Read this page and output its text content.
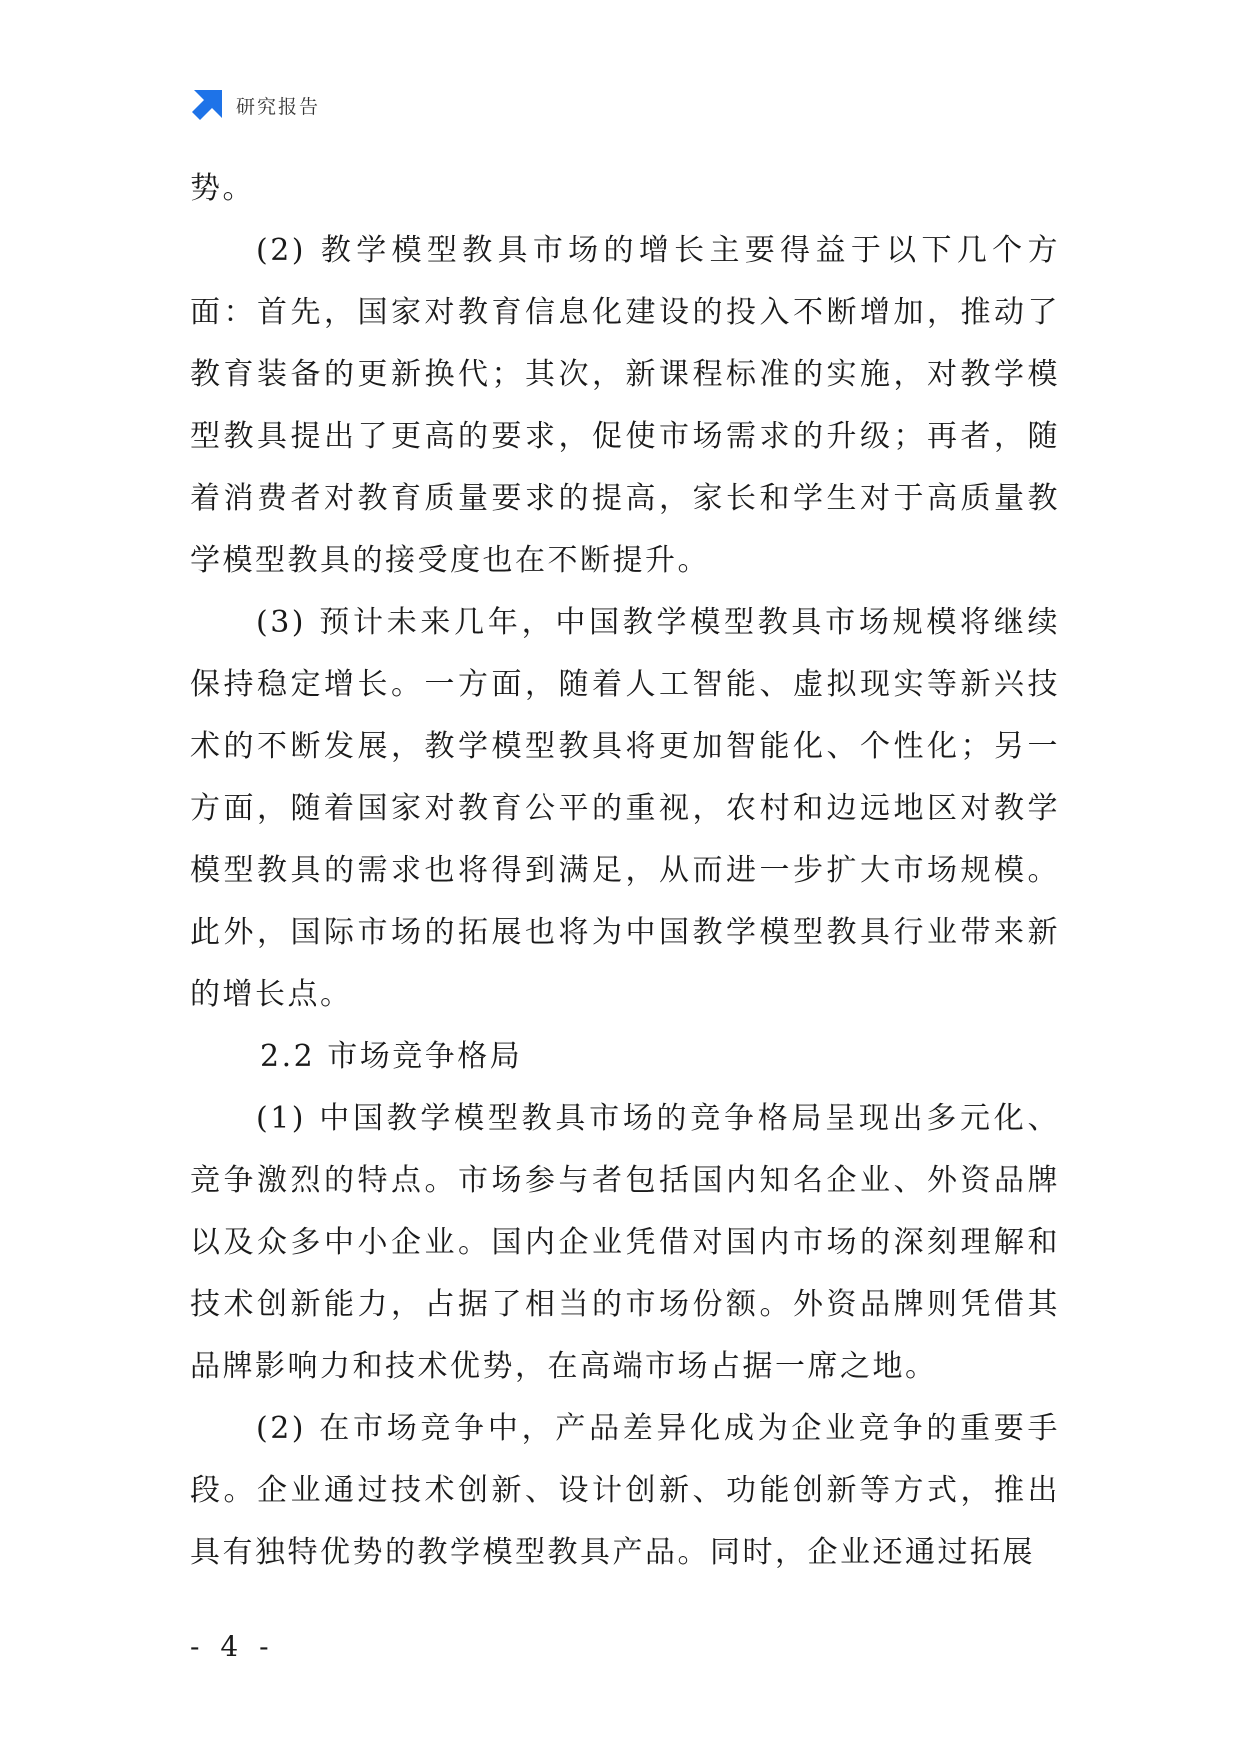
研究报告

势。

(2) 教学模型教具市场的增长主要得益于以下几个方面：首先，国家对教育信息化建设的投入不断增加，推动了教育装备的更新换代；其次，新课程标准的实施，对教学模型教具提出了更高的要求，促使市场需求的升级；再者，随着消费者对教育质量要求的提高，家长和学生对于高质量教学模型教具的接受度也在不断提升。

(3) 预计未来几年，中国教学模型教具市场规模将继续保持稳定增长。一方面，随着人工智能、虚拟现实等新兴技术的不断发展，教学模型教具将更加智能化、个性化；另一方面，随着国家对教育公平的重视，农村和边远地区对教学模型教具的需求也将得到满足，从而进一步扩大市场规模。此外，国际市场的拓展也将为中国教学模型教具行业带来新的增长点。

2.2 市场竞争格局

(1) 中国教学模型教具市场的竞争格局呈现出多元化、竞争激烈的特点。市场参与者包括国内知名企业、外资品牌以及众多中小企业。国内企业凭借对国内市场的深刻理解和技术创新能力，占据了相当的市场份额。外资品牌则凭借其品牌影响力和技术优势，在高端市场占据一席之地。

(2) 在市场竞争中，产品差异化成为企业竞争的重要手段。企业通过技术创新、设计创新、功能创新等方式，推出具有独特优势的教学模型教具产品。同时，企业还通过拓展

- 4 -
